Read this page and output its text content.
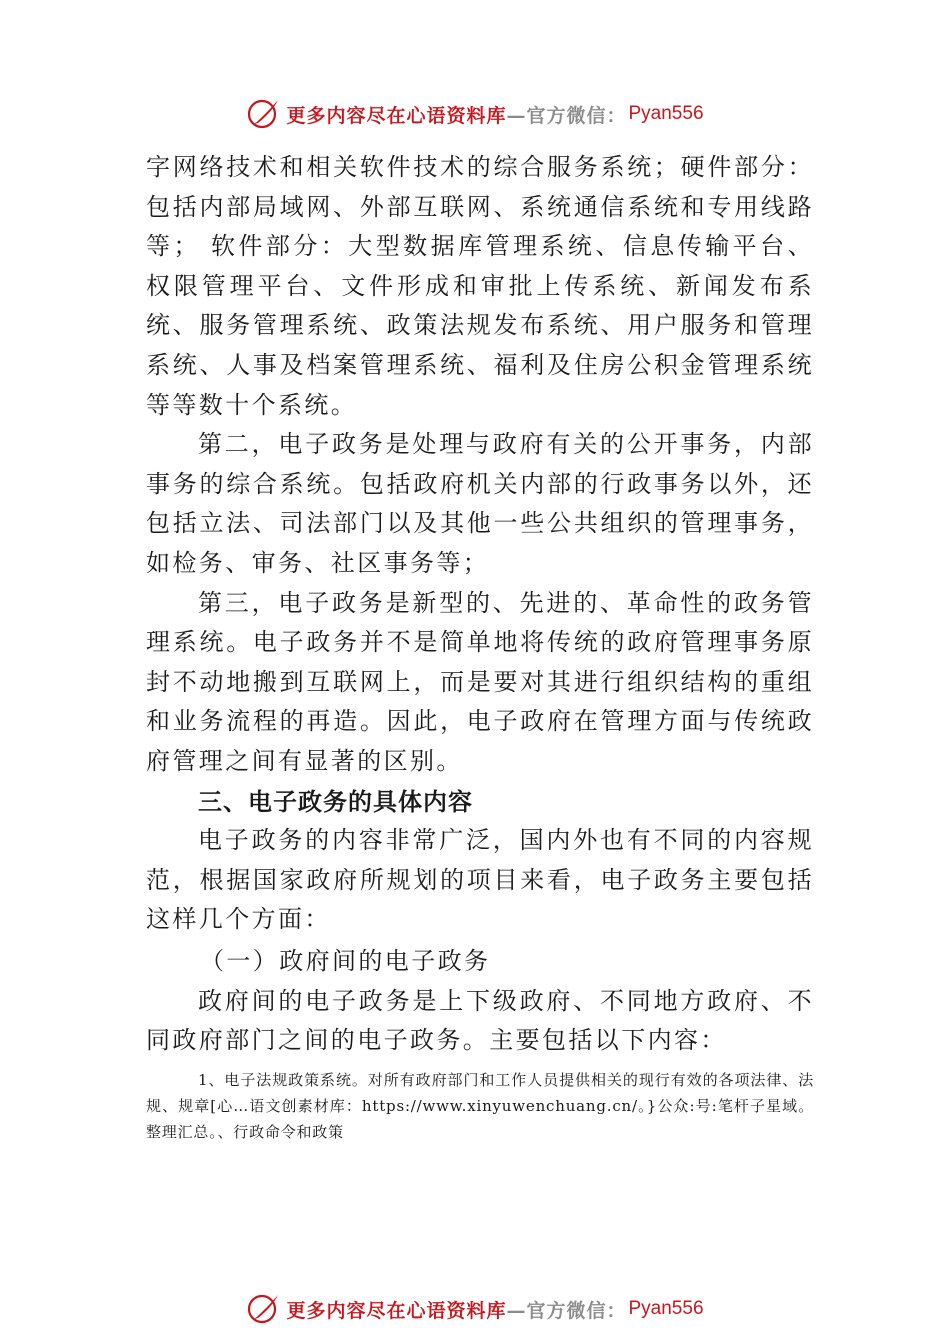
更多内容尽在心语资料库 —官方微信： Pyan556

字网络技术和相关软件技术的综合服务系统；硬件部分：包括内部局域网、外部互联网、系统通信系统和专用线路等； 软件部分：大型数据库管理系统、信息传输平台、权限管理平台、文件形成和审批上传系统、新闻发布系统、服务管理系统、政策法规发布系统、用户服务和管理系统、人事及档案管理系统、福利及住房公积金管理系统等等数十个系统。

第二，电子政务是处理与政府有关的公开事务，内部事务的综合系统。包括政府机关内部的行政事务以外，还包括立法、司法部门以及其他一些公共组织的管理事务，如检务、审务、社区事务等；

第三，电子政务是新型的、先进的、革命性的政务管理系统。电子政务并不是简单地将传统的政府管理事务原封不动地搬到互联网上，而是要对其进行组织结构的重组和业务流程的再造。因此，电子政府在管理方面与传统政府管理之间有显著的区别。

三、电子政务的具体内容

电子政务的内容非常广泛，国内外也有不同的内容规范，根据国家政府所规划的项目来看，电子政务主要包括这样几个方面：

（一）政府间的电子政务

政府间的电子政务是上下级政府、不同地方政府、不同政府部门之间的电子政务。主要包括以下内容：

1、电子法规政策系统。对所有政府部门和工作人员提供相关的现行有效的各项法律、法规、规章[心…语文创素材库：https://www.xinyuwenchuang.cn/。}公众:号:笔杆子星域。整理汇总。、行政命令和政策

更多内容尽在心语资料库 —官方微信： Pyan556
